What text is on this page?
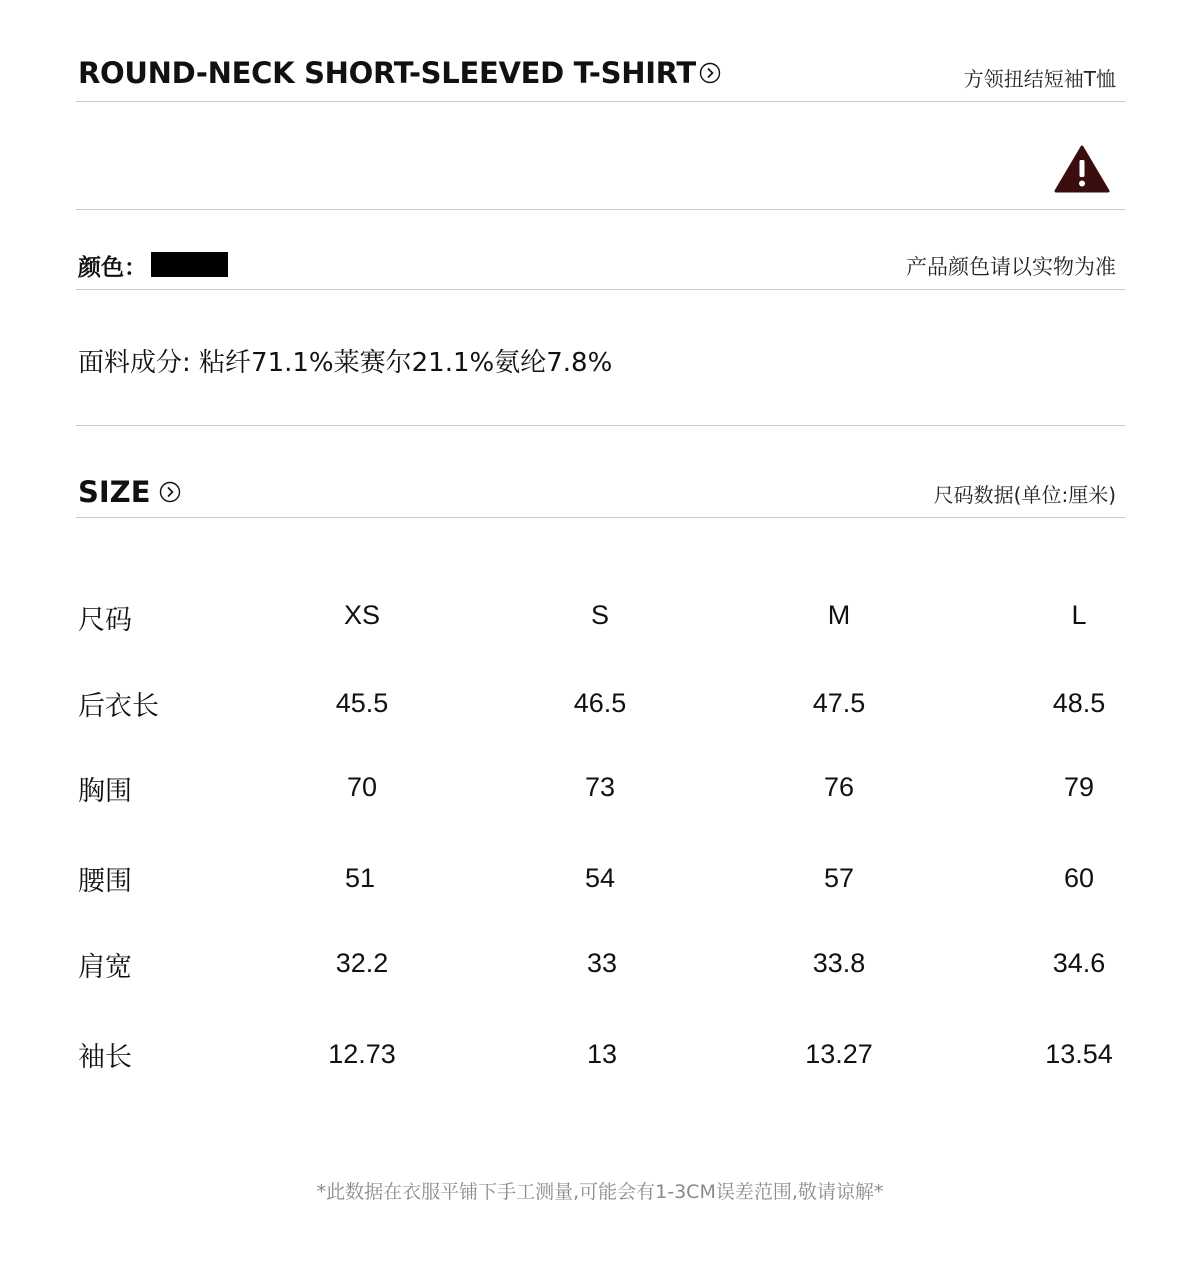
ROUND-NECK SHORT-SLEEVED T-SHIRT	方领扭结短袖T恤
颜色：	产品颜色请以实物为准
面料成分: 粘纤71.1%莱赛尔21.1%氨纶7.8%
SIZE	尺码数据(单位:厘米)
尺码	XS	S	M	L
后衣长	45.5	46.5	47.5	48.5
胸围	70	73	76	79
腰围	51	54	57	60
肩宽	32.2	33	33.8	34.6
袖长	12.73	13	13.27	13.54
*此数据在衣服平铺下手工测量,可能会有1-3CM误差范围,敬请谅解*
